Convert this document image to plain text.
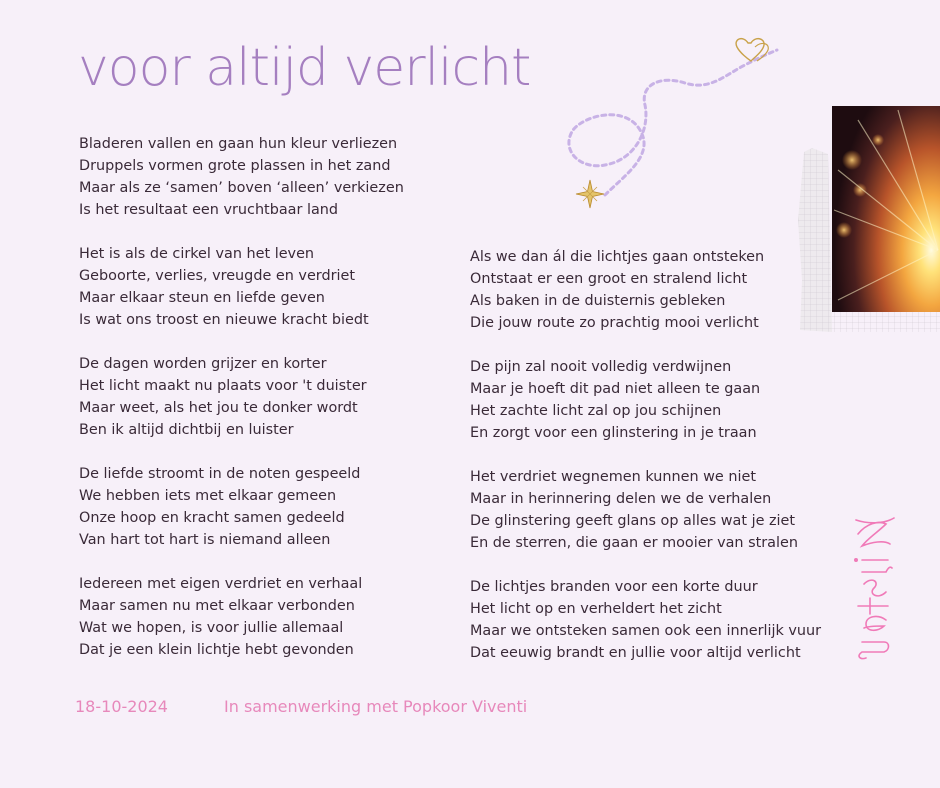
voor altijd verlicht
Bladeren vallen en gaan hun kleur verliezen
Druppels vormen grote plassen in het zand
Maar als ze ‘samen’ boven ‘alleen’ verkiezen
Is het resultaat een vruchtbaar land
Het is als de cirkel van het leven
Geboorte, verlies, vreugde en verdriet
Maar elkaar steun en liefde geven
Is wat ons troost en nieuwe kracht biedt
De dagen worden grijzer en korter
Het licht maakt nu plaats voor 't duister
Maar weet, als het jou te donker wordt
Ben ik altijd dichtbij en luister
De liefde stroomt in de noten gespeeld
We hebben iets met elkaar gemeen
Onze hoop en kracht samen gedeeld
Van hart tot hart is niemand alleen
Iedereen met eigen verdriet en verhaal
Maar samen nu met elkaar verbonden
Wat we hopen, is voor jullie allemaal
Dat je een klein lichtje hebt gevonden
Als we dan ál die lichtjes gaan ontsteken
Ontstaat er een groot en stralend licht
Als baken in de duisternis gebleken
Die jouw route zo prachtig mooi verlicht
De pijn zal nooit volledig verdwijnen
Maar je hoeft dit pad niet alleen te gaan
Het zachte licht zal op jou schijnen
En zorgt voor een glinstering in je traan
Het verdriet wegnemen kunnen we niet
Maar in herinnering delen we de verhalen
De glinstering geeft glans op alles wat je ziet
En de sterren, die gaan er mooier van stralen
De lichtjes branden voor een korte duur
Het licht op en verheldert het zicht
Maar we ontsteken samen ook een innerlijk vuur
Dat eeuwig brandt en jullie voor altijd verlicht
18-10-2024	In samenwerking met Popkoor Viventi
